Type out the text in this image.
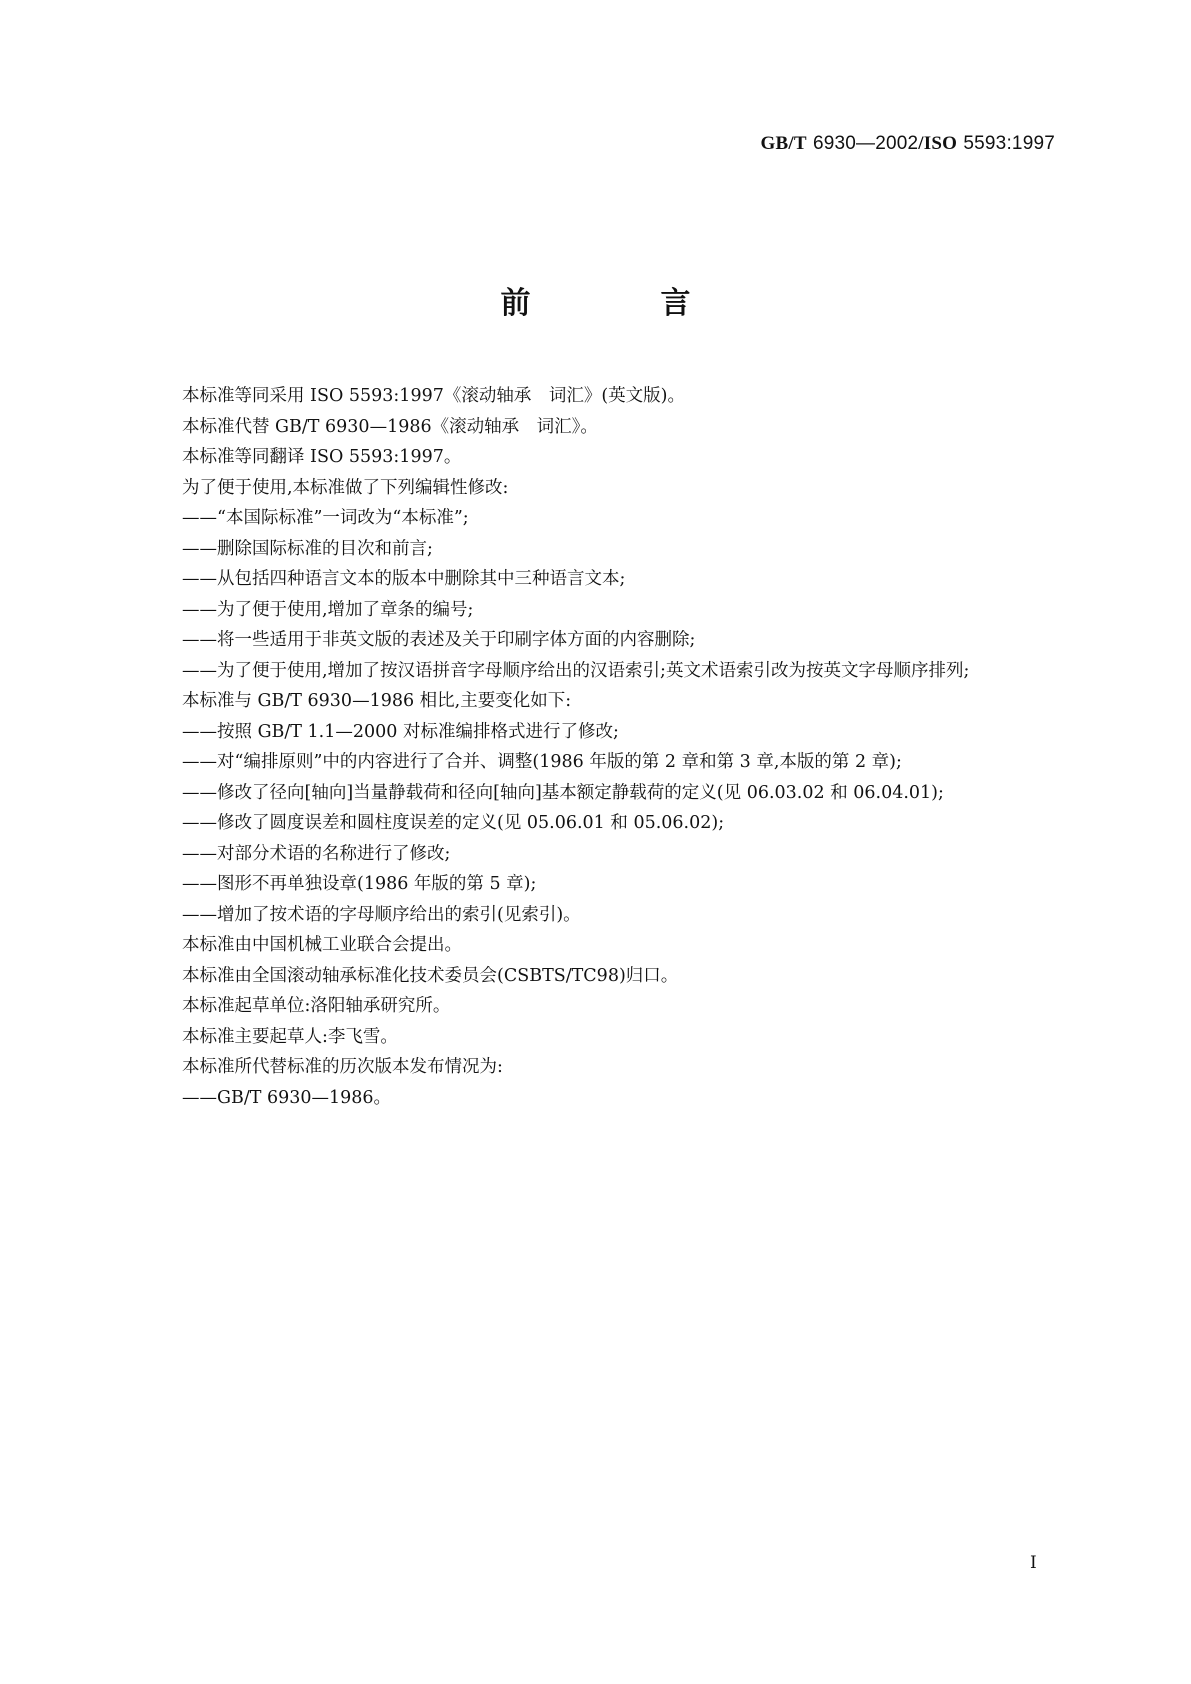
GB/T 6930—2002/ISO 5593:1997
前　言

本标准等同采用 ISO 5593:1997《滚动轴承　词汇》(英文版)。

本标准代替 GB/T 6930—1986《滚动轴承　词汇》。

本标准等同翻译 ISO 5593:1997。

为了便于使用,本标准做了下列编辑性修改:

——“本国际标准”一词改为“本标准”;

——删除国际标准的目次和前言;

——从包括四种语言文本的版本中删除其中三种语言文本;

——为了便于使用,增加了章条的编号;

——将一些适用于非英文版的表述及关于印刷字体方面的内容删除;

——为了便于使用,增加了按汉语拼音字母顺序给出的汉语索引;英文术语索引改为按英文字母顺序排列;

本标准与 GB/T 6930—1986 相比,主要变化如下:

——按照 GB/T 1.1—2000 对标准编排格式进行了修改;

——对“编排原则”中的内容进行了合并、调整(1986 年版的第 2 章和第 3 章,本版的第 2 章);

——修改了径向[轴向]当量静载荷和径向[轴向]基本额定静载荷的定义(见 06.03.02 和 06.04.01);

——修改了圆度误差和圆柱度误差的定义(见 05.06.01 和 05.06.02);

——对部分术语的名称进行了修改;

——图形不再单独设章(1986 年版的第 5 章);

——增加了按术语的字母顺序给出的索引(见索引)。

本标准由中国机械工业联合会提出。

本标准由全国滚动轴承标准化技术委员会(CSBTS/TC98)归口。

本标准起草单位:洛阳轴承研究所。

本标准主要起草人:李飞雪。

本标准所代替标准的历次版本发布情况为:

——GB/T 6930—1986。

I
